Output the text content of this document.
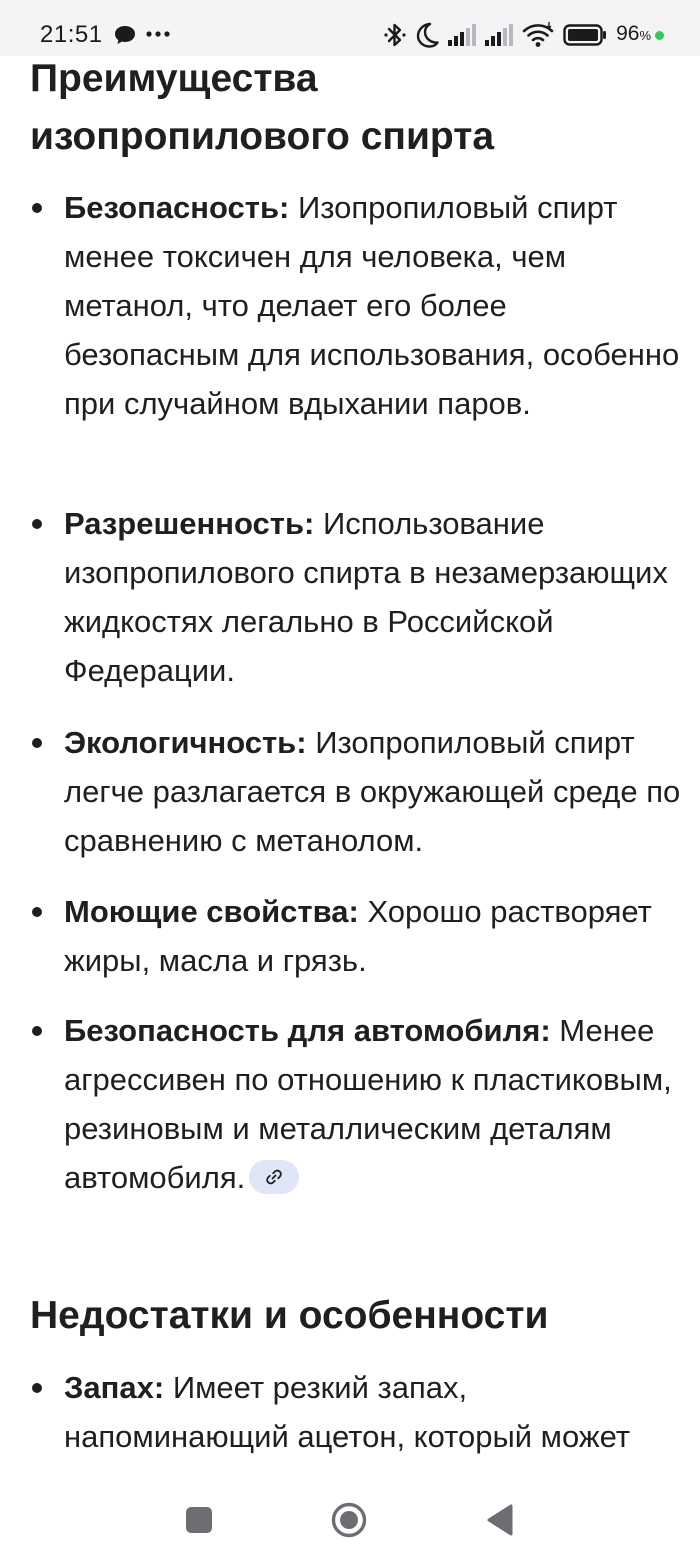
21:51	96%
Преимущества
изопропилового спирта
Безопасность: Изопропиловый спирт менее токсичен для человека, чем метанол, что делает его более безопасным для использования, особенно при случайном вдыхании паров.
Разрешенность: Использование изопропилового спирта в незамерзающих жидкостях легально в Российской Федерации.
Экологичность: Изопропиловый спирт легче разлагается в окружающей среде по сравнению с метанолом.
Моющие свойства: Хорошо растворяет жиры, масла и грязь.
Безопасность для автомобиля: Менее агрессивен по отношению к пластиковым, резиновым и металлическим деталям автомобиля.
Недостатки и особенности
Запах: Имеет резкий запах, напоминающий ацетон, который может
